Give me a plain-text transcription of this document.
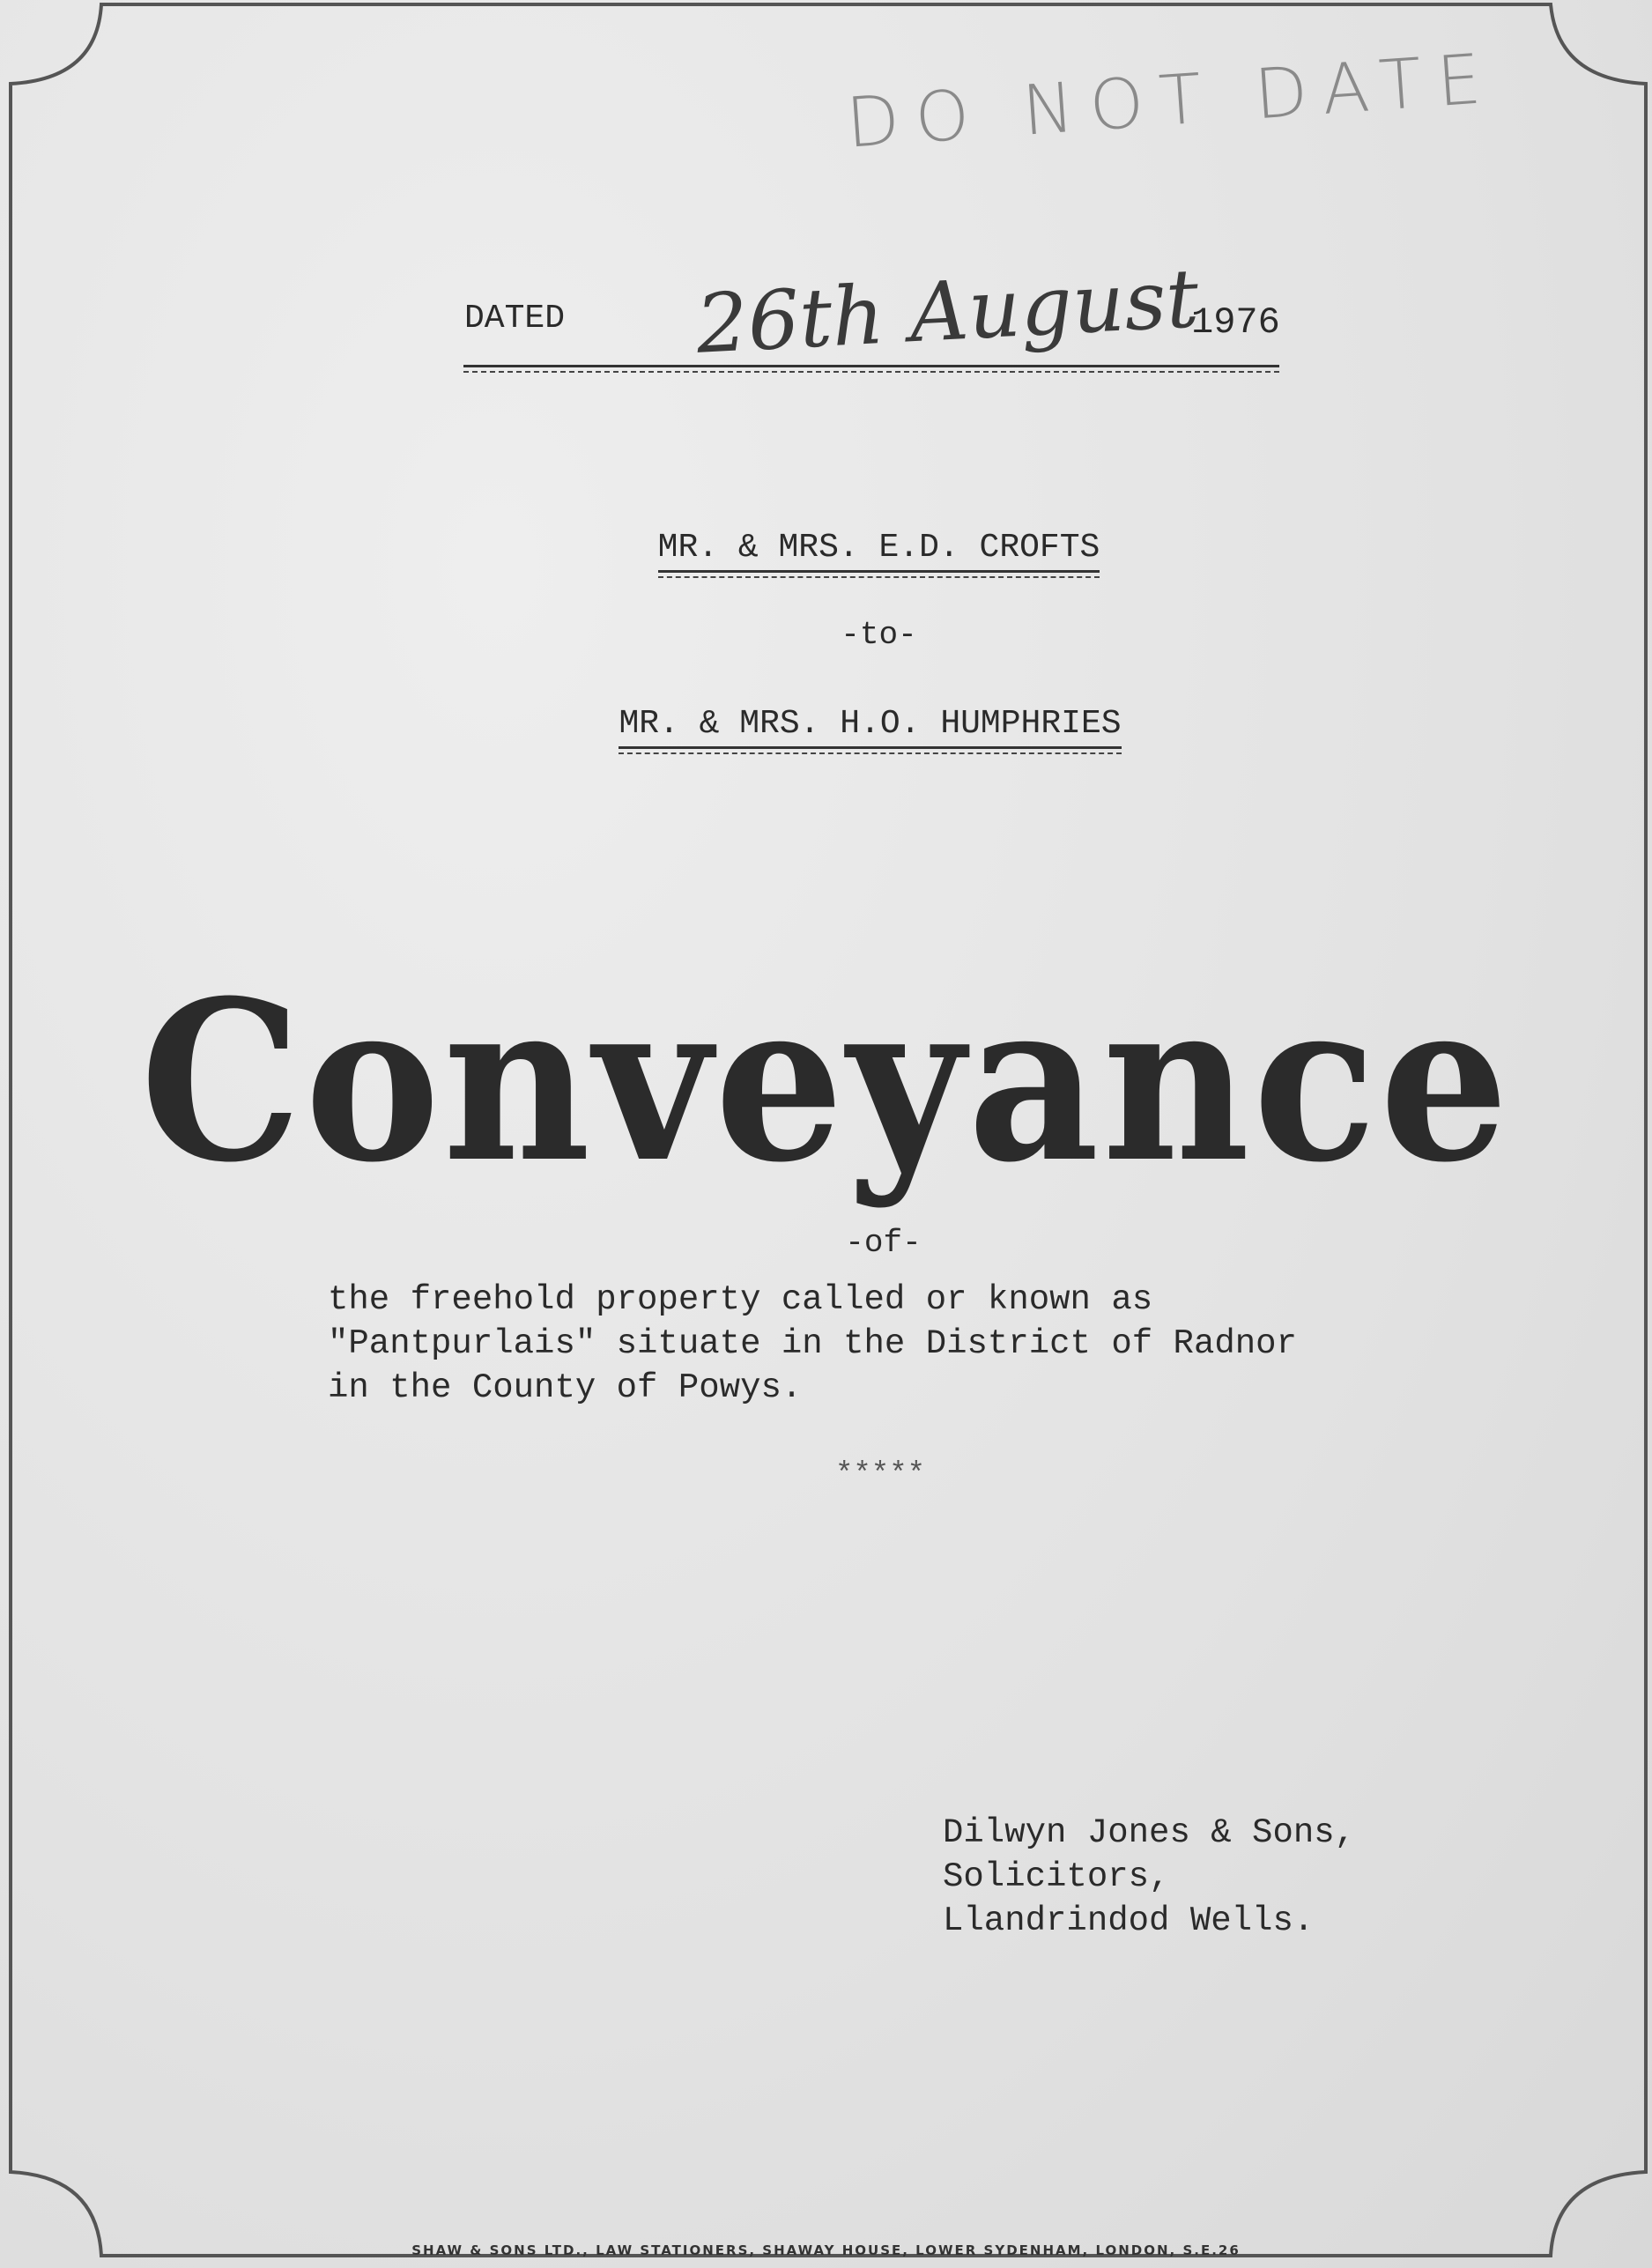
DO NOT DATE
DATED 26th August
1976
MR. & MRS. E.D. CROFTS
-to-
MR. & MRS. H.O. HUMPHRIES
Conveyance
-of-
the freehold property called or known as
"Pantpurlais" situate in the District of Radnor
in the County of Powys.
*****
Dilwyn Jones & Sons,
Solicitors,
Llandrindod Wells.
SHAW & SONS LTD., LAW STATIONERS, SHAWAY HOUSE, LOWER SYDENHAM, LONDON, S.E.26
